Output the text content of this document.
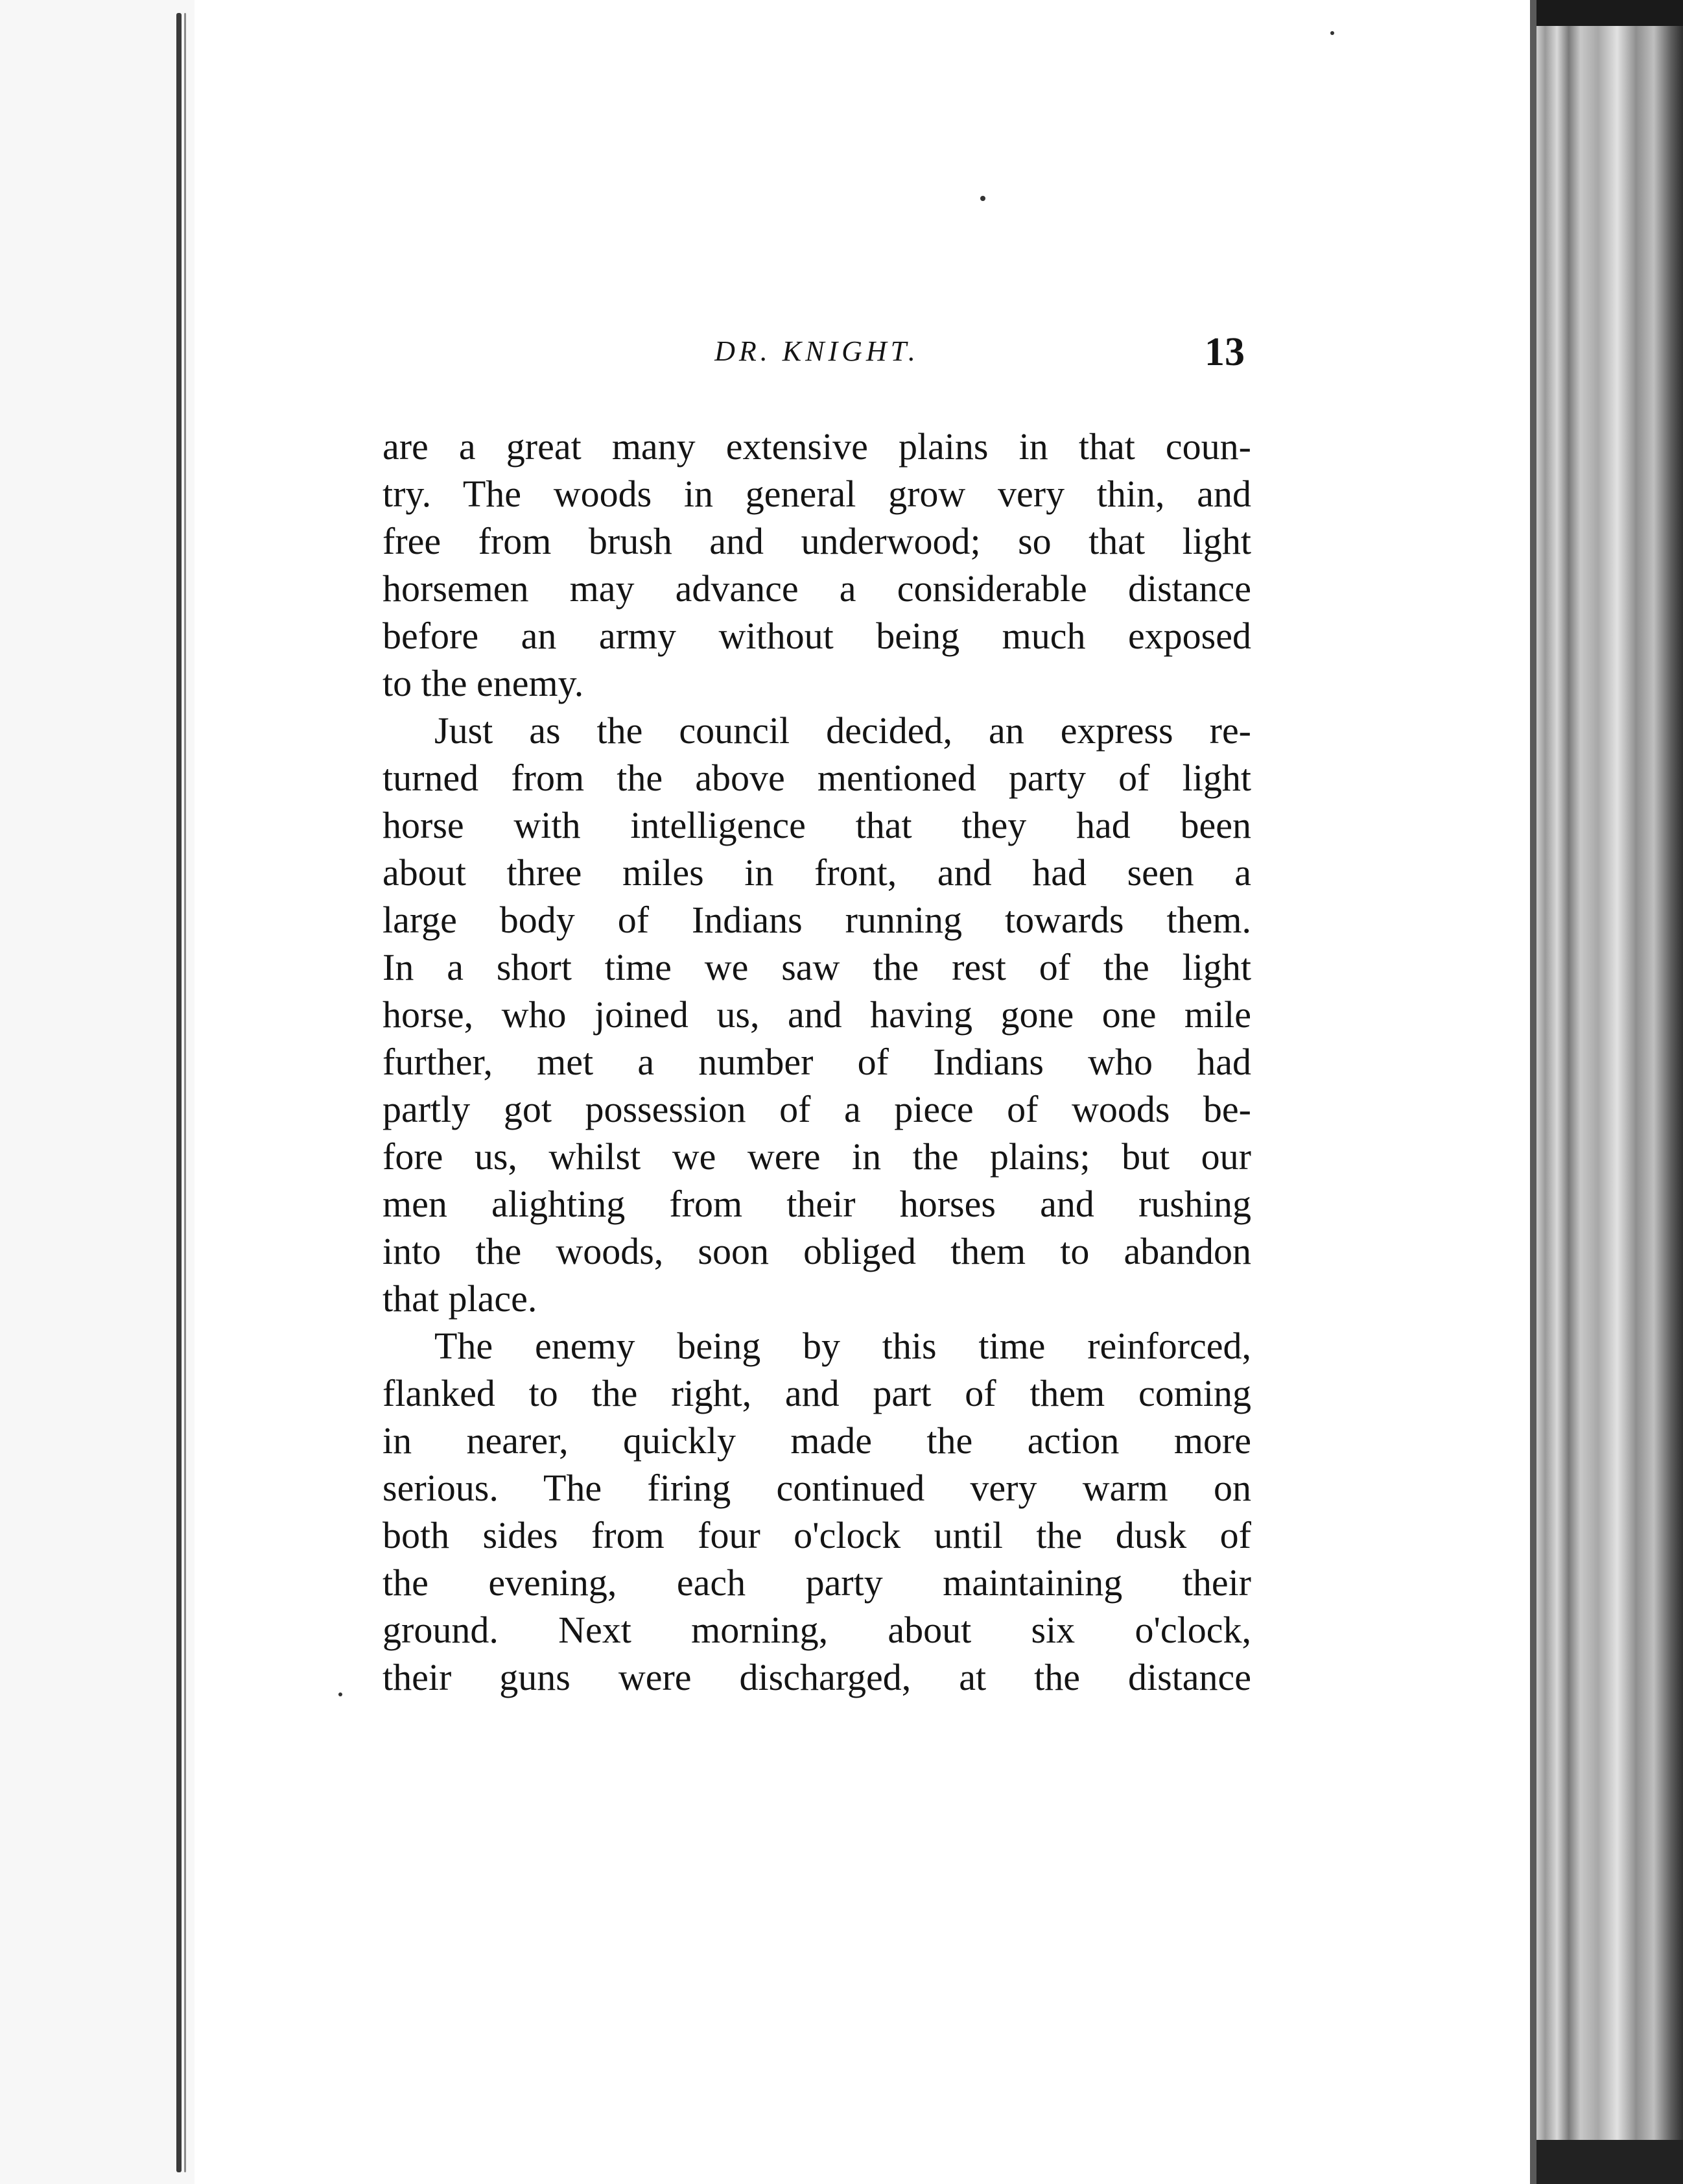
DR. KNIGHT.	13
are a great many extensive plains in that coun-
try. The woods in general grow very thin, and
free from brush and underwood; so that light
horsemen may advance a considerable distance
before an army without being much exposed
to the enemy.
Just as the council decided, an express re-
turned from the above mentioned party of light
horse with intelligence that they had been
about three miles in front, and had seen a
large body of Indians running towards them.
In a short time we saw the rest of the light
horse, who joined us, and having gone one mile
further, met a number of Indians who had
partly got possession of a piece of woods be-
fore us, whilst we were in the plains; but our
men alighting from their horses and rushing
into the woods, soon obliged them to abandon
that place.
The enemy being by this time reinforced,
flanked to the right, and part of them coming
in nearer, quickly made the action more
serious. The firing continued very warm on
both sides from four o'clock until the dusk of
the evening, each party maintaining their
ground. Next morning, about six o'clock,
their guns were discharged, at the distance
